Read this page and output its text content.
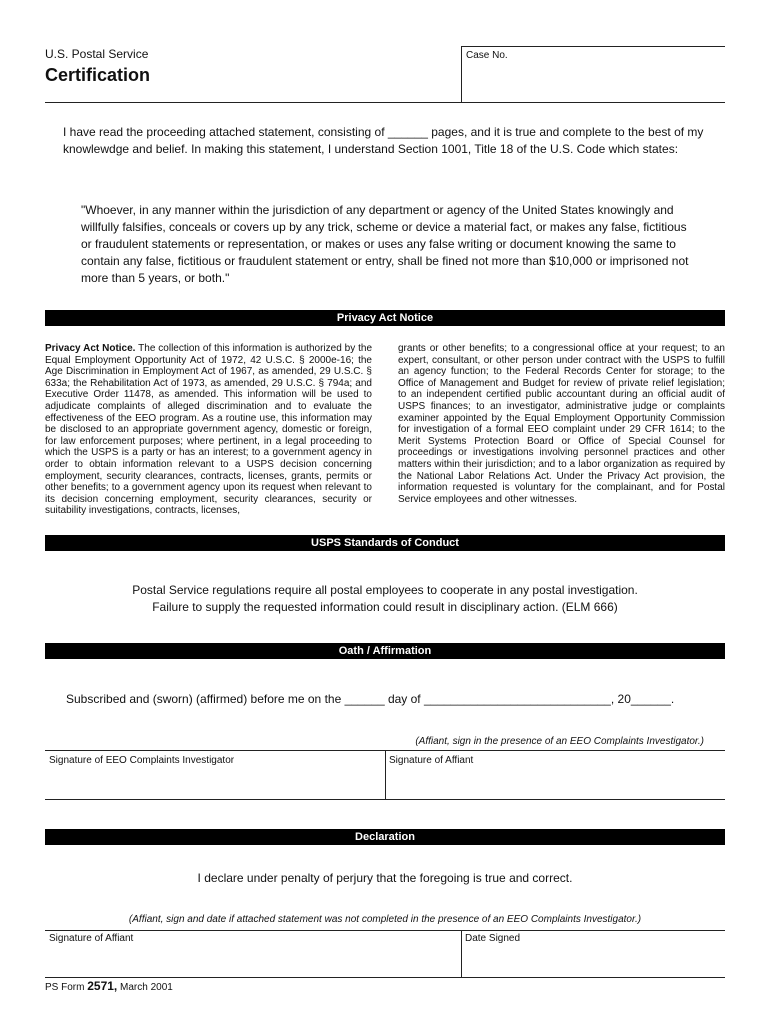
U.S. Postal Service
Certification
Case No.

I have read the proceeding attached statement, consisting of ______ pages, and it is true and complete to the best of my knowlewdge and belief. In making this statement, I understand Section 1001, Title 18 of the U.S. Code which states:

"Whoever, in any manner within the jurisdiction of any department or agency of the United States knowingly and willfully falsifies, conceals or covers up by any trick, scheme or device a material fact, or makes any false, fictitious or fraudulent statements or representation, or makes or uses any false writing or document knowing the same to contain any false, fictitious or fraudulent statement or entry, shall be fined not more than $10,000 or imprisoned not more than 5 years, or both."

Privacy Act Notice
Privacy Act Notice. The collection of this information is authorized by the Equal Employment Opportunity Act of 1972, 42 U.S.C. § 2000e-16; the Age Discrimination in Employment Act of 1967, as amended, 29 U.S.C. § 633a; the Rehabilitation Act of 1973, as amended, 29 U.S.C. § 794a; and Executive Order 11478, as amended. This information will be used to adjudicate complaints of alleged discrimination and to evaluate the effectiveness of the EEO program. As a routine use, this information may be disclosed to an appropriate government agency, domestic or foreign, for law enforcement purposes; where pertinent, in a legal proceeding to which the USPS is a party or has an interest; to a government agency in order to obtain information relevant to a USPS decision concerning employment, security clearances, contracts, licenses, grants, permits or other benefits; to a government agency upon its request when relevant to its decision concerning employment, security clearances, security or suitability investigations, contracts, licenses,
grants or other benefits; to a congressional office at your request; to an expert, consultant, or other person under contract with the USPS to fulfill an agency function; to the Federal Records Center for storage; to the Office of Management and Budget for review of private relief legislation; to an independent certified public accountant during an official audit of USPS finances; to an investigator, administrative judge or complaints examiner appointed by the Equal Employment Opportunity Commission for investigation of a formal EEO complaint under 29 CFR 1614; to the Merit Systems Protection Board or Office of Special Counsel for proceedings or investigations involving personnel practices and other matters within their jurisdiction; and to a labor organization as required by the National Labor Relations Act. Under the Privacy Act provision, the information requested is voluntary for the complainant, and for Postal Service employees and other witnesses.
USPS Standards of Conduct
Postal Service regulations require all postal employees to cooperate in any postal investigation.
Failure to supply the requested information could result in disciplinary action. (ELM 666)
Oath / Affirmation
Subscribed and (sworn) (affirmed) before me on the ______ day of ____________________________, 20______.
(Affiant, sign in the presence of an EEO Complaints Investigator.)
Signature of EEO Complaints Investigator	Signature of Affiant
Declaration
I declare under penalty of perjury that the foregoing is true and correct.
(Affiant, sign and date if attached statement was not completed in the presence of an EEO Complaints Investigator.)
Signature of Affiant	Date Signed
PS Form 2571, March 2001
